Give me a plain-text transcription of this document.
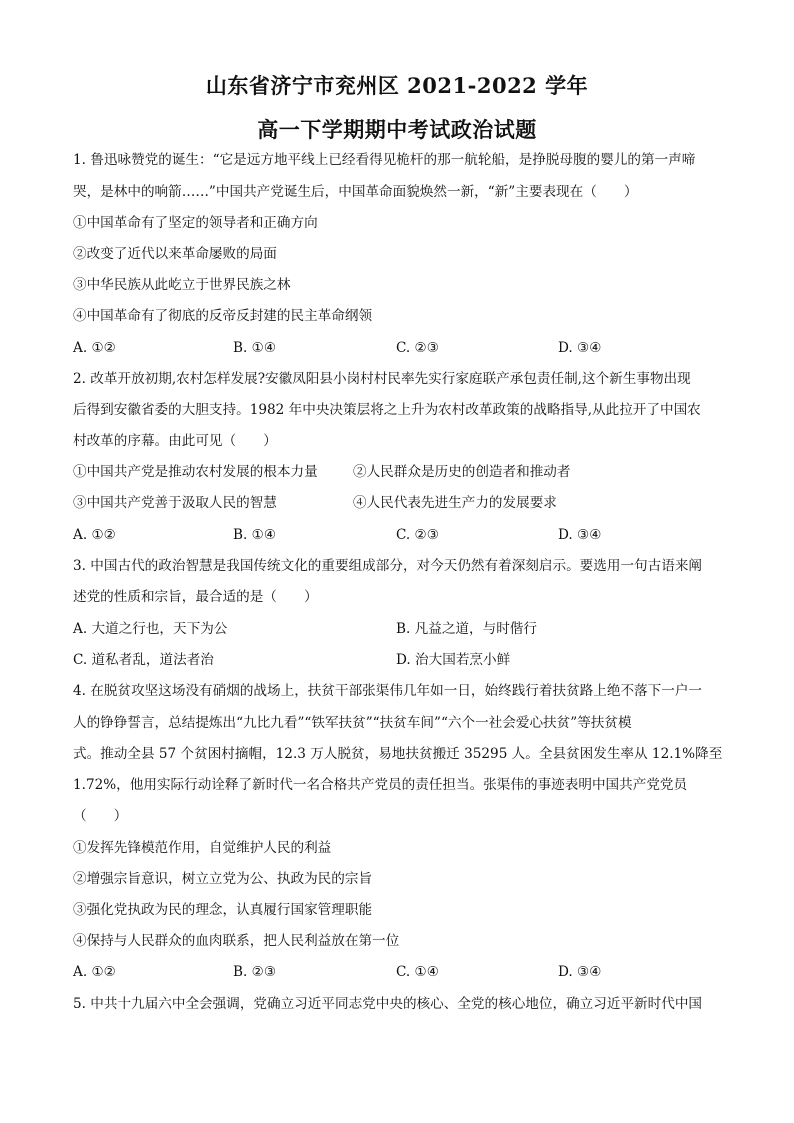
山东省济宁市兖州区 2021-2022 学年
高一下学期期中考试政治试题
1. 鲁迅咏赞党的诞生：“它是远方地平线上已经看得见桅杆的那一航轮船，是挣脱母腹的婴儿的第一声啼
哭，是林中的响箭……”中国共产党诞生后，中国革命面貌焕然一新，“新”主要表现在（　　）
①中国革命有了坚定的领导者和正确方向
②改变了近代以来革命屡败的局面
③中华民族从此屹立于世界民族之林
④中国革命有了彻底的反帝反封建的民主革命纲领
A. ①②	B. ①④	C. ②③	D. ③④
2. 改革开放初期,农村怎样发展?安徽凤阳县小岗村村民率先实行家庭联产承包责任制,这个新生事物出现
后得到安徽省委的大胆支持。1982 年中央决策层将之上升为农村改革政策的战略指导,从此拉开了中国农
村改革的序幕。由此可见（　　）
①中国共产党是推动农村发展的根本力量	②人民群众是历史的创造者和推动者
③中国共产党善于汲取人民的智慧	④人民代表先进生产力的发展要求
A. ①②	B. ①④	C. ②③	D. ③④
3. 中国古代的政治智慧是我国传统文化的重要组成部分，对今天仍然有着深刻启示。要选用一句古语来阐
述党的性质和宗旨，最合适的是（　　）
A. 大道之行也，天下为公	B. 凡益之道，与时偕行
C. 道私者乱，道法者治	D. 治大国若烹小鲜
4. 在脱贫攻坚这场没有硝烟的战场上，扶贫干部张渠伟几年如一日，始终践行着扶贫路上绝不落下一户一
人的铮铮誓言，总结提炼出“九比九看”“铁军扶贫”“扶贫车间”“六个一社会爱心扶贫”等扶贫模
式。推动全县 57 个贫困村摘帽，12.3 万人脱贫，易地扶贫搬迁 35295 人。全县贫困发生率从 12.1%降至
1.72%，他用实际行动诠释了新时代一名合格共产党员的责任担当。张渠伟的事迹表明中国共产党党员
（　　）
①发挥先锋模范作用，自觉维护人民的利益
②增强宗旨意识，树立立党为公、执政为民的宗旨
③强化党执政为民的理念，认真履行国家管理职能
④保持与人民群众的血肉联系，把人民利益放在第一位
A. ①②	B. ②③	C. ①④	D. ③④
5. 中共十九届六中全会强调，党确立习近平同志党中央的核心、全党的核心地位，确立习近平新时代中国
